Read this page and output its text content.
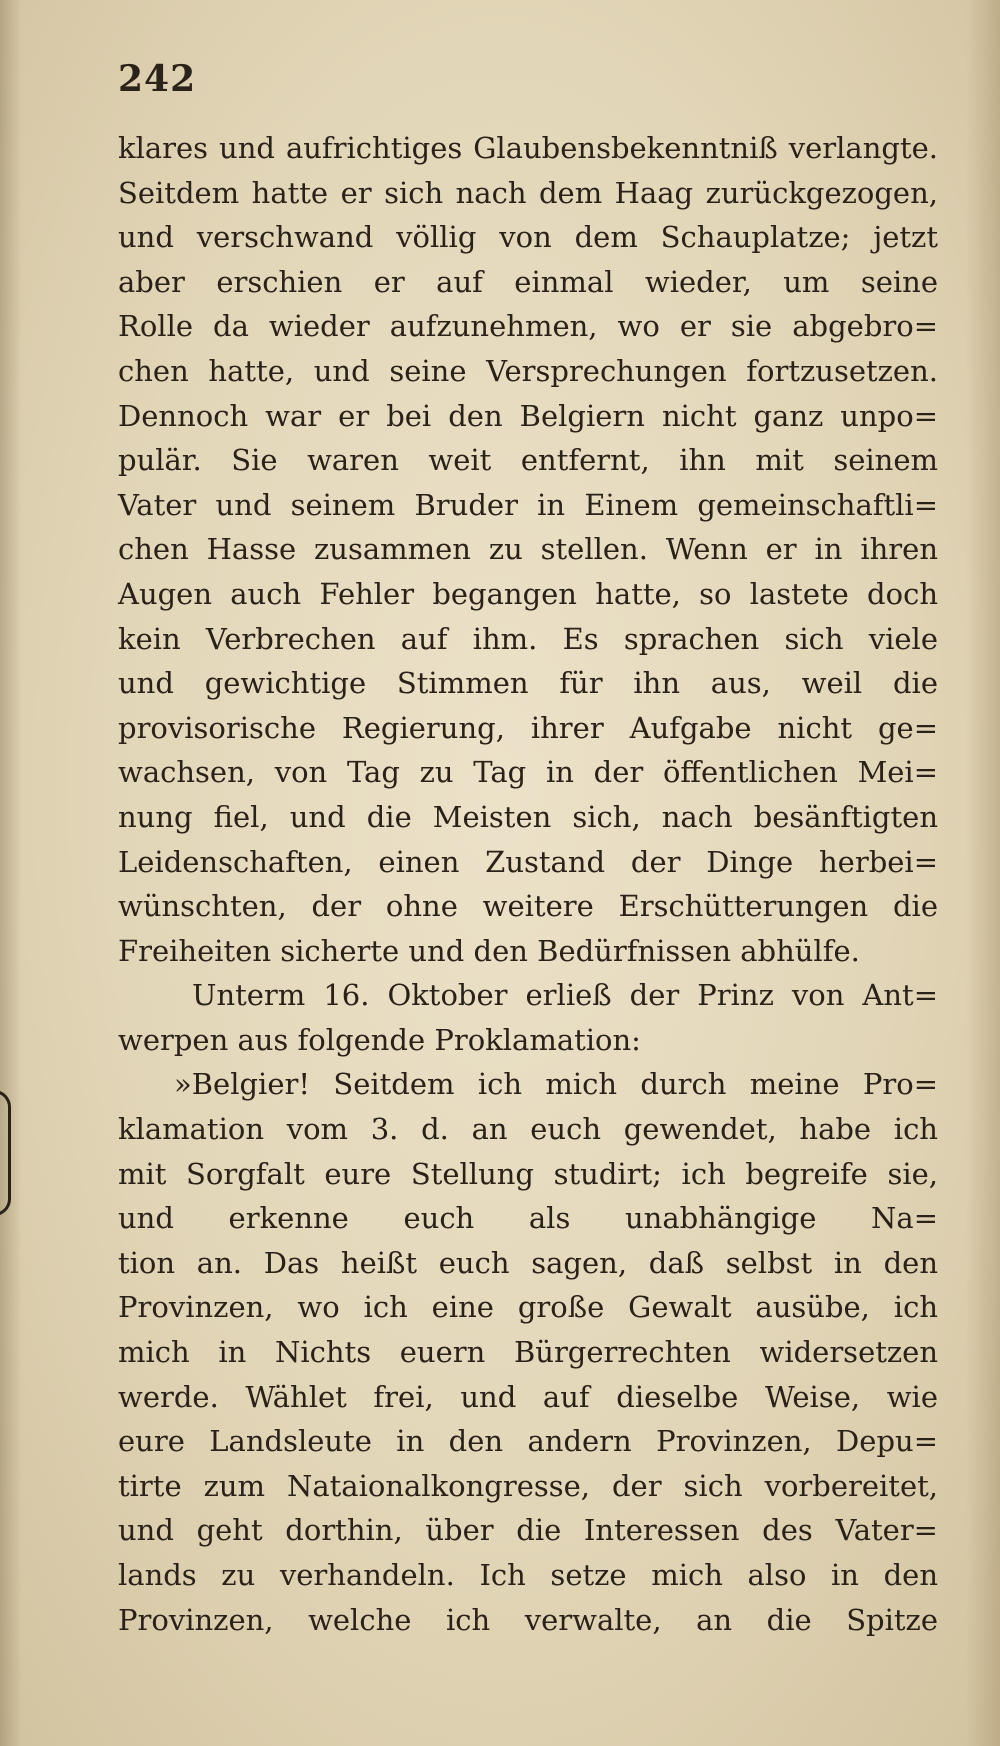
242
klares und aufrichtiges Glaubensbekenntniß verlangte.
Seitdem hatte er sich nach dem Haag zurückgezogen,
und verschwand völlig von dem Schauplatze; jetzt
aber erschien er auf einmal wieder, um seine
Rolle da wieder aufzunehmen, wo er sie abgebro=
chen hatte, und seine Versprechungen fortzusetzen.
Dennoch war er bei den Belgiern nicht ganz unpo=
pulär. Sie waren weit entfernt, ihn mit seinem
Vater und seinem Bruder in Einem gemeinschaftli=
chen Hasse zusammen zu stellen. Wenn er in ihren
Augen auch Fehler begangen hatte, so lastete doch
kein Verbrechen auf ihm. Es sprachen sich viele
und gewichtige Stimmen für ihn aus, weil die
provisorische Regierung, ihrer Aufgabe nicht ge=
wachsen, von Tag zu Tag in der öffentlichen Mei=
nung fiel, und die Meisten sich, nach besänftigten
Leidenschaften, einen Zustand der Dinge herbei=
wünschten, der ohne weitere Erschütterungen die
Freiheiten sicherte und den Bedürfnissen abhülfe.
Unterm 16. Oktober erließ der Prinz von Ant=
werpen aus folgende Proklamation:
»Belgier! Seitdem ich mich durch meine Pro=
klamation vom 3. d. an euch gewendet, habe ich
mit Sorgfalt eure Stellung studirt; ich begreife sie,
und erkenne euch als unabhängige Na=
tion an. Das heißt euch sagen, daß selbst in den
Provinzen, wo ich eine große Gewalt ausübe, ich
mich in Nichts euern Bürgerrechten widersetzen
werde. Wählet frei, und auf dieselbe Weise, wie
eure Landsleute in den andern Provinzen, Depu=
tirte zum Nataionalkongresse, der sich vorbereitet,
und geht dorthin, über die Interessen des Vater=
lands zu verhandeln. Ich setze mich also in den
Provinzen, welche ich verwalte, an die Spitze
